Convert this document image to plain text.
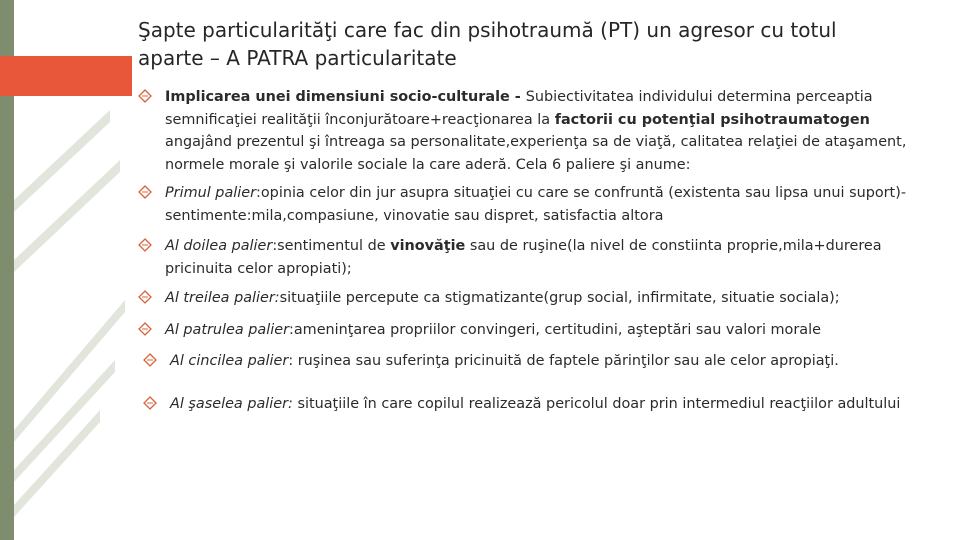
Şapte particularităţi care fac din psihotraumă (PT) un agresor cu totul
aparte – A PATRA particularitate
Implicarea unei dimensiuni socio-culturale - Subiectivitatea individului determina perceaptia semnificaţiei realităţii înconjurătoare+reacţionarea la factorii cu potenţial psihotraumatogen angajând prezentul şi întreaga sa personalitate,experienţa sa de viaţă, calitatea relaţiei de ataşament, normele morale şi valorile sociale la care aderă. Cela 6 paliere şi anume:
Primul palier:opinia celor din jur asupra situaţiei cu care se confruntă (existenta sau lipsa unui suport)-sentimente:mila,compasiune, vinovatie sau dispret, satisfactia altora
Al doilea palier:sentimentul de vinovăţie sau de ruşine(la nivel de constiinta proprie,mila+durerea pricinuita celor apropiati);
Al treilea palier:situaţiile percepute ca stigmatizante(grup social, infirmitate, situatie sociala);
Al patrulea palier:ameninţarea propriilor convingeri, certitudini, aşteptări sau valori morale
Al cincilea palier: ruşinea sau suferinţa pricinuită de faptele părinţilor sau ale celor apropiaţi.
Al şaselea palier: situaţiile în care copilul realizează pericolul doar prin intermediul reacţiilor adultului
